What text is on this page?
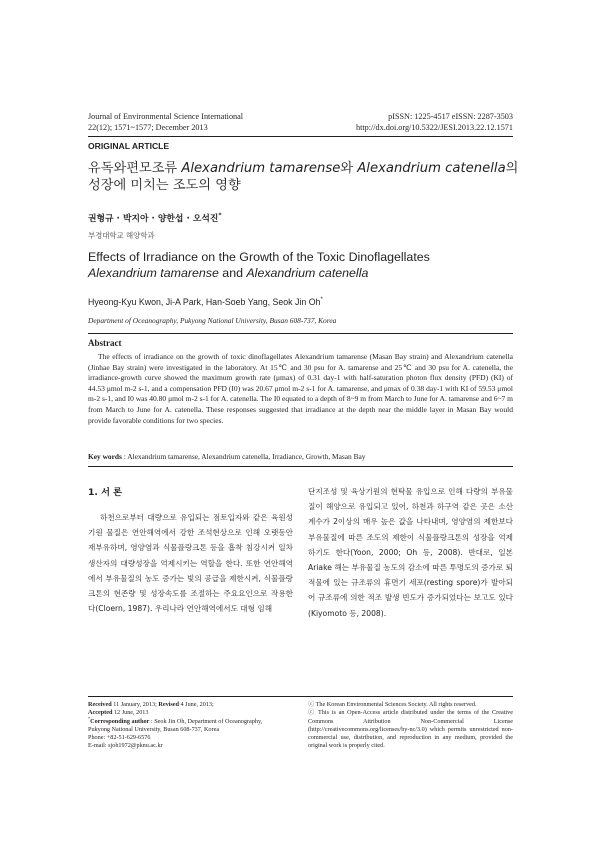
Journal of Environmental Science International
22(12); 1571~1577; December 2013
pISSN: 1225-4517 eISSN: 2287-3503
http://dx.doi.org/10.5322/JESI.2013.22.12.1571
ORIGINAL ARTICLE
유독와편모조류 Alexandrium tamarense와 Alexandrium catenella의
성장에 미치는 조도의 영향
권형규 · 박지아 · 양한섭 · 오석진*
부경대학교 해양학과
Effects of Irradiance on the Growth of the Toxic Dinoflagellates
Alexandrium tamarense and Alexandrium catenella
Hyeong-Kyu Kwon, Ji-A Park, Han-Soeb Yang, Seok Jin Oh*
Department of Oceanography, Pukyong National University, Busan 608-737, Korea
Abstract
The effects of irradiance on the growth of toxic dinoflagellates Alexandrium tamarense (Masan Bay strain) and Alexandrium catenella (Jinhae Bay strain) were investigated in the laboratory. At 15℃ and 30 psu for A. tamarense and 25℃ and 30 psu for A. catenella, the irradiance-growth curve showed the maximum growth rate (μmax) of 0.31 day-1 with half-saturation photon flux density (PFD) (KI) of 44.53 μmol m-2 s-1, and a compensation PFD (I0) was 20.67 μmol m-2 s-1 for A. tamarense, and μmax of 0.38 day-1 with KI of 59.53 μmol m-2 s-1, and I0 was 40.80 μmol m-2 s-1 for A. catenella. The I0 equated to a depth of 8~9 m from March to June for A. tamarense and 6~7 m from March to June for A. catenella. These responses suggested that irradiance at the depth near the middle layer in Masan Bay would provide favorable conditions for two species.
Key words : Alexandrium tamarense, Alexandrium catenella, Irradiance, Growth, Masan Bay
1. 서 론
하천으로부터 대량으로 유입되는 점토입자와 같은 육원성기원 물질은 연안해역에서 강한 조석현상으로 인해 오랫동안 재부유하며, 영양염과 식물플랑크톤 등을 흡착 침강시켜 일차생산자의 대량성장을 억제시키는 역할을 한다. 또한 연안해역에서 부유물질의 농도 증가는 빛의 공급을 제한시켜, 식물플랑크톤의 현존량 및 성장속도를 조절하는 주요요인으로 작용한다(Cloern, 1987). 우리나라 연안해역에서도 대형 임해
단지조성 및 육상기원의 현탁물 유입으로 인해 다량의 부유물질이 해양으로 유입되고 있어, 하천과 하구역 같은 곳은 소산계수가 2이상의 매우 높은 값을 나타내며, 영양염의 제한보다 부유물질에 따른 조도의 제한이 식물플랑크톤의 성장을 억제하기도 한다(Yoon, 2000; Oh 등, 2008). 반대로, 일본 Ariake 해는 부유물질 농도의 감소에 따른 투명도의 증가로 퇴적물에 있는 규조류의 휴면기 세포(resting spore)가 발아되어 규조류에 의한 적조 발생 빈도가 증가되었다는 보고도 있다(Kiyomoto 등, 2008).
Received 11 January, 2013; Revised 4 June, 2013;
Accepted 12 June, 2013
*Corresponding author : Seok Jin Oh, Department of Oceanography,
Pukyong National University, Busan 608-737, Korea
Phone: +82-51-629-6576
E-mail: sjoh1972@pknu.ac.kr
ⓒ The Korean Environmental Sciences Society. All rights reserved.
ⓒ This is an Open-Access article distributed under the terms of the Creative Commons Attribution Non-Commercial License (http://creativecommons.org/licenses/by-nc/3.0) which permits unrestricted non-commercial use, distribution, and reproduction in any medium, provided the original work is properly cited.
